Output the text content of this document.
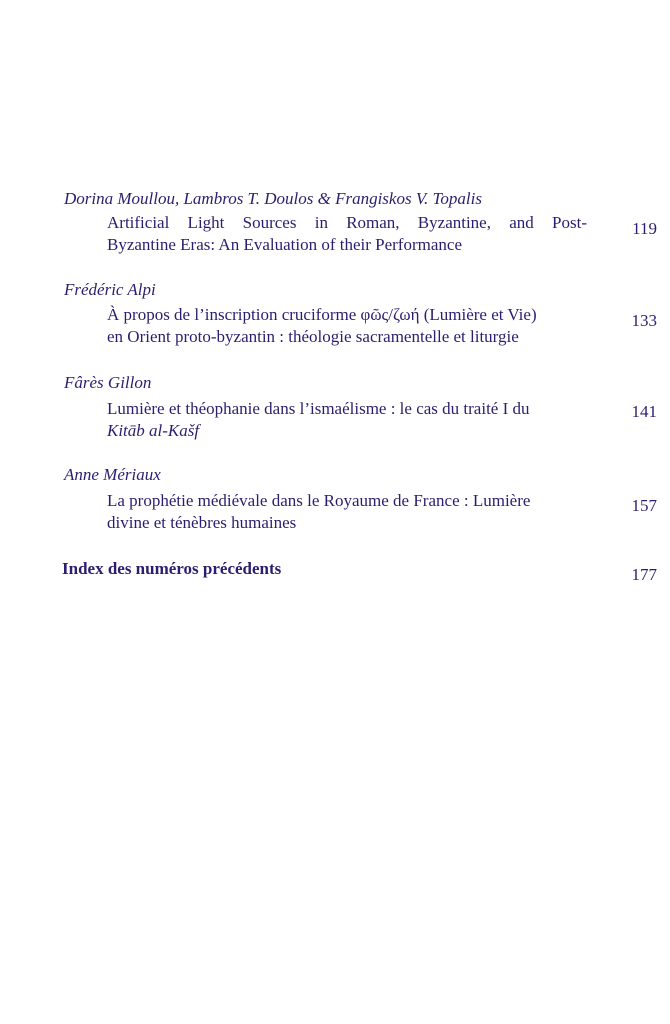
Dorina Moullou, Lambros T. Doulos & Frangiskos V. Topalis
Artificial Light Sources in Roman, Byzantine, and Post-
Byzantine Eras: An Evaluation of their Performance
119
Frédéric Alpi
À propos de l’inscription cruciforme φῶς/ζωή (Lumière et Vie)
en Orient proto-byzantin : théologie sacramentelle et liturgie
133
Fârès Gillon
Lumière et théophanie dans l’ismaélisme : le cas du traité I du
Kitāb al-Kašf
141
Anne Mériaux
La prophétie médiévale dans le Royaume de France : Lumière
divine et ténèbres humaines
157
Index des numéros précédents	177
